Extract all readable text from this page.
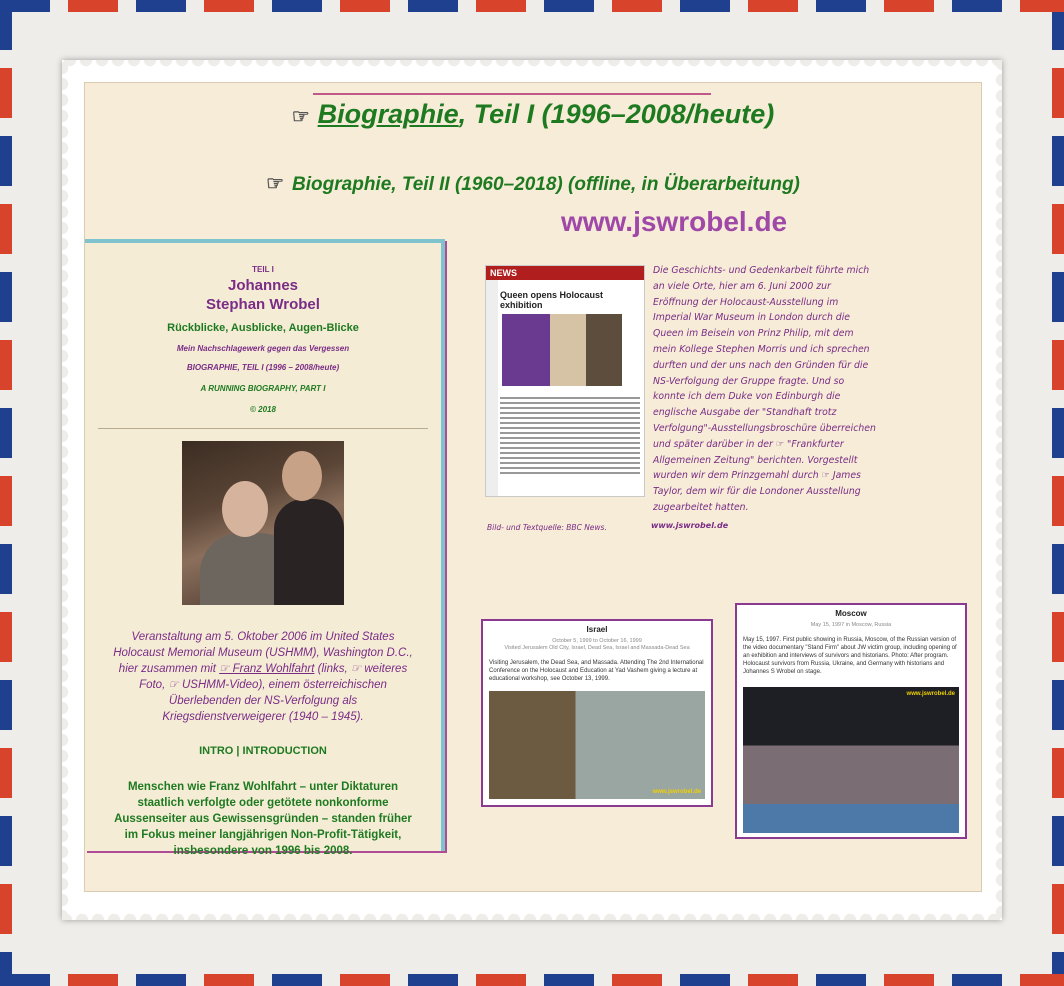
☞ Biographie, Teil I (1996–2008/heute)
☞ Biographie, Teil II (1960–2018) (offline, in Überarbeitung)
www.jswrobel.de
TEIL I
Johannes
Stephan Wrobel
Rückblicke, Ausblicke, Augen-Blicke
Mein Nachschlagewerk gegen das Vergessen
BIOGRAPHIE, TEIL I (1996 – 2008/heute)
A RUNNING BIOGRAPHY, PART I
© 2018
Veranstaltung am 5. Oktober 2006 im United States Holocaust Memorial Museum (USHMM), Washington D.C., hier zusammen mit ☞ Franz Wohlfahrt (links, ☞ weiteres Foto, ☞ USHMM-Video), einem österreichischen Überlebenden der NS-Verfolgung als Kriegsdienstverweigerer (1940 – 1945).
INTRO | INTRODUCTION
Menschen wie Franz Wohlfahrt – unter Diktaturen staatlich verfolgte oder getötete nonkonforme Aussenseiter aus Gewissensgründen – standen früher im Fokus meiner langjährigen Non-Profit-Tätigkeit, insbesondere von 1996 bis 2008.
NEWS
Queen opens Holocaust exhibition
Die Geschichts- und Gedenkarbeit führte mich an viele Orte, hier am 6. Juni 2000 zur Eröffnung der Holocaust-Ausstellung im Imperial War Museum in London durch die Queen im Beisein von Prinz Philip, mit dem mein Kollege Stephen Morris und ich sprechen durften und der uns nach den Gründen für die NS-Verfolgung der Gruppe fragte. Und so konnte ich dem Duke von Edinburgh die englische Ausgabe der "Standhaft trotz Verfolgung"-Ausstellungsbroschüre überreichen und später darüber in der ☞ "Frankfurter Allgemeinen Zeitung" berichten. Vorgestellt wurden wir dem Prinzgemahl durch ☞ James Taylor, dem wir für die Londoner Ausstellung zugearbeitet hatten.
Bild- und Textquelle: BBC News.	www.jswrobel.de
Israel
October 5, 1999 to October 16, 1999
Visited Jerusalem Old City, Israel, Dead Sea, Israel and Massada-Dead Sea
Visiting Jerusalem, the Dead Sea, and Massada. Attending The 2nd International Conference on the Holocaust and Education at Yad Vashem giving a lecture at educational workshop, see October 13, 1999.
www.jswrobel.de
Moscow
May 15, 1997 in Moscow, Russia
May 15, 1997. First public showing in Russia, Moscow, of the Russian version of the video documentary "Stand Firm" about JW victim group, including opening of an exhibition and interviews of survivors and historians. Photo: After program. Holocaust survivors from Russia, Ukraine, and Germany with historians and Johannes S Wrobel on stage.
www.jswrobel.de
